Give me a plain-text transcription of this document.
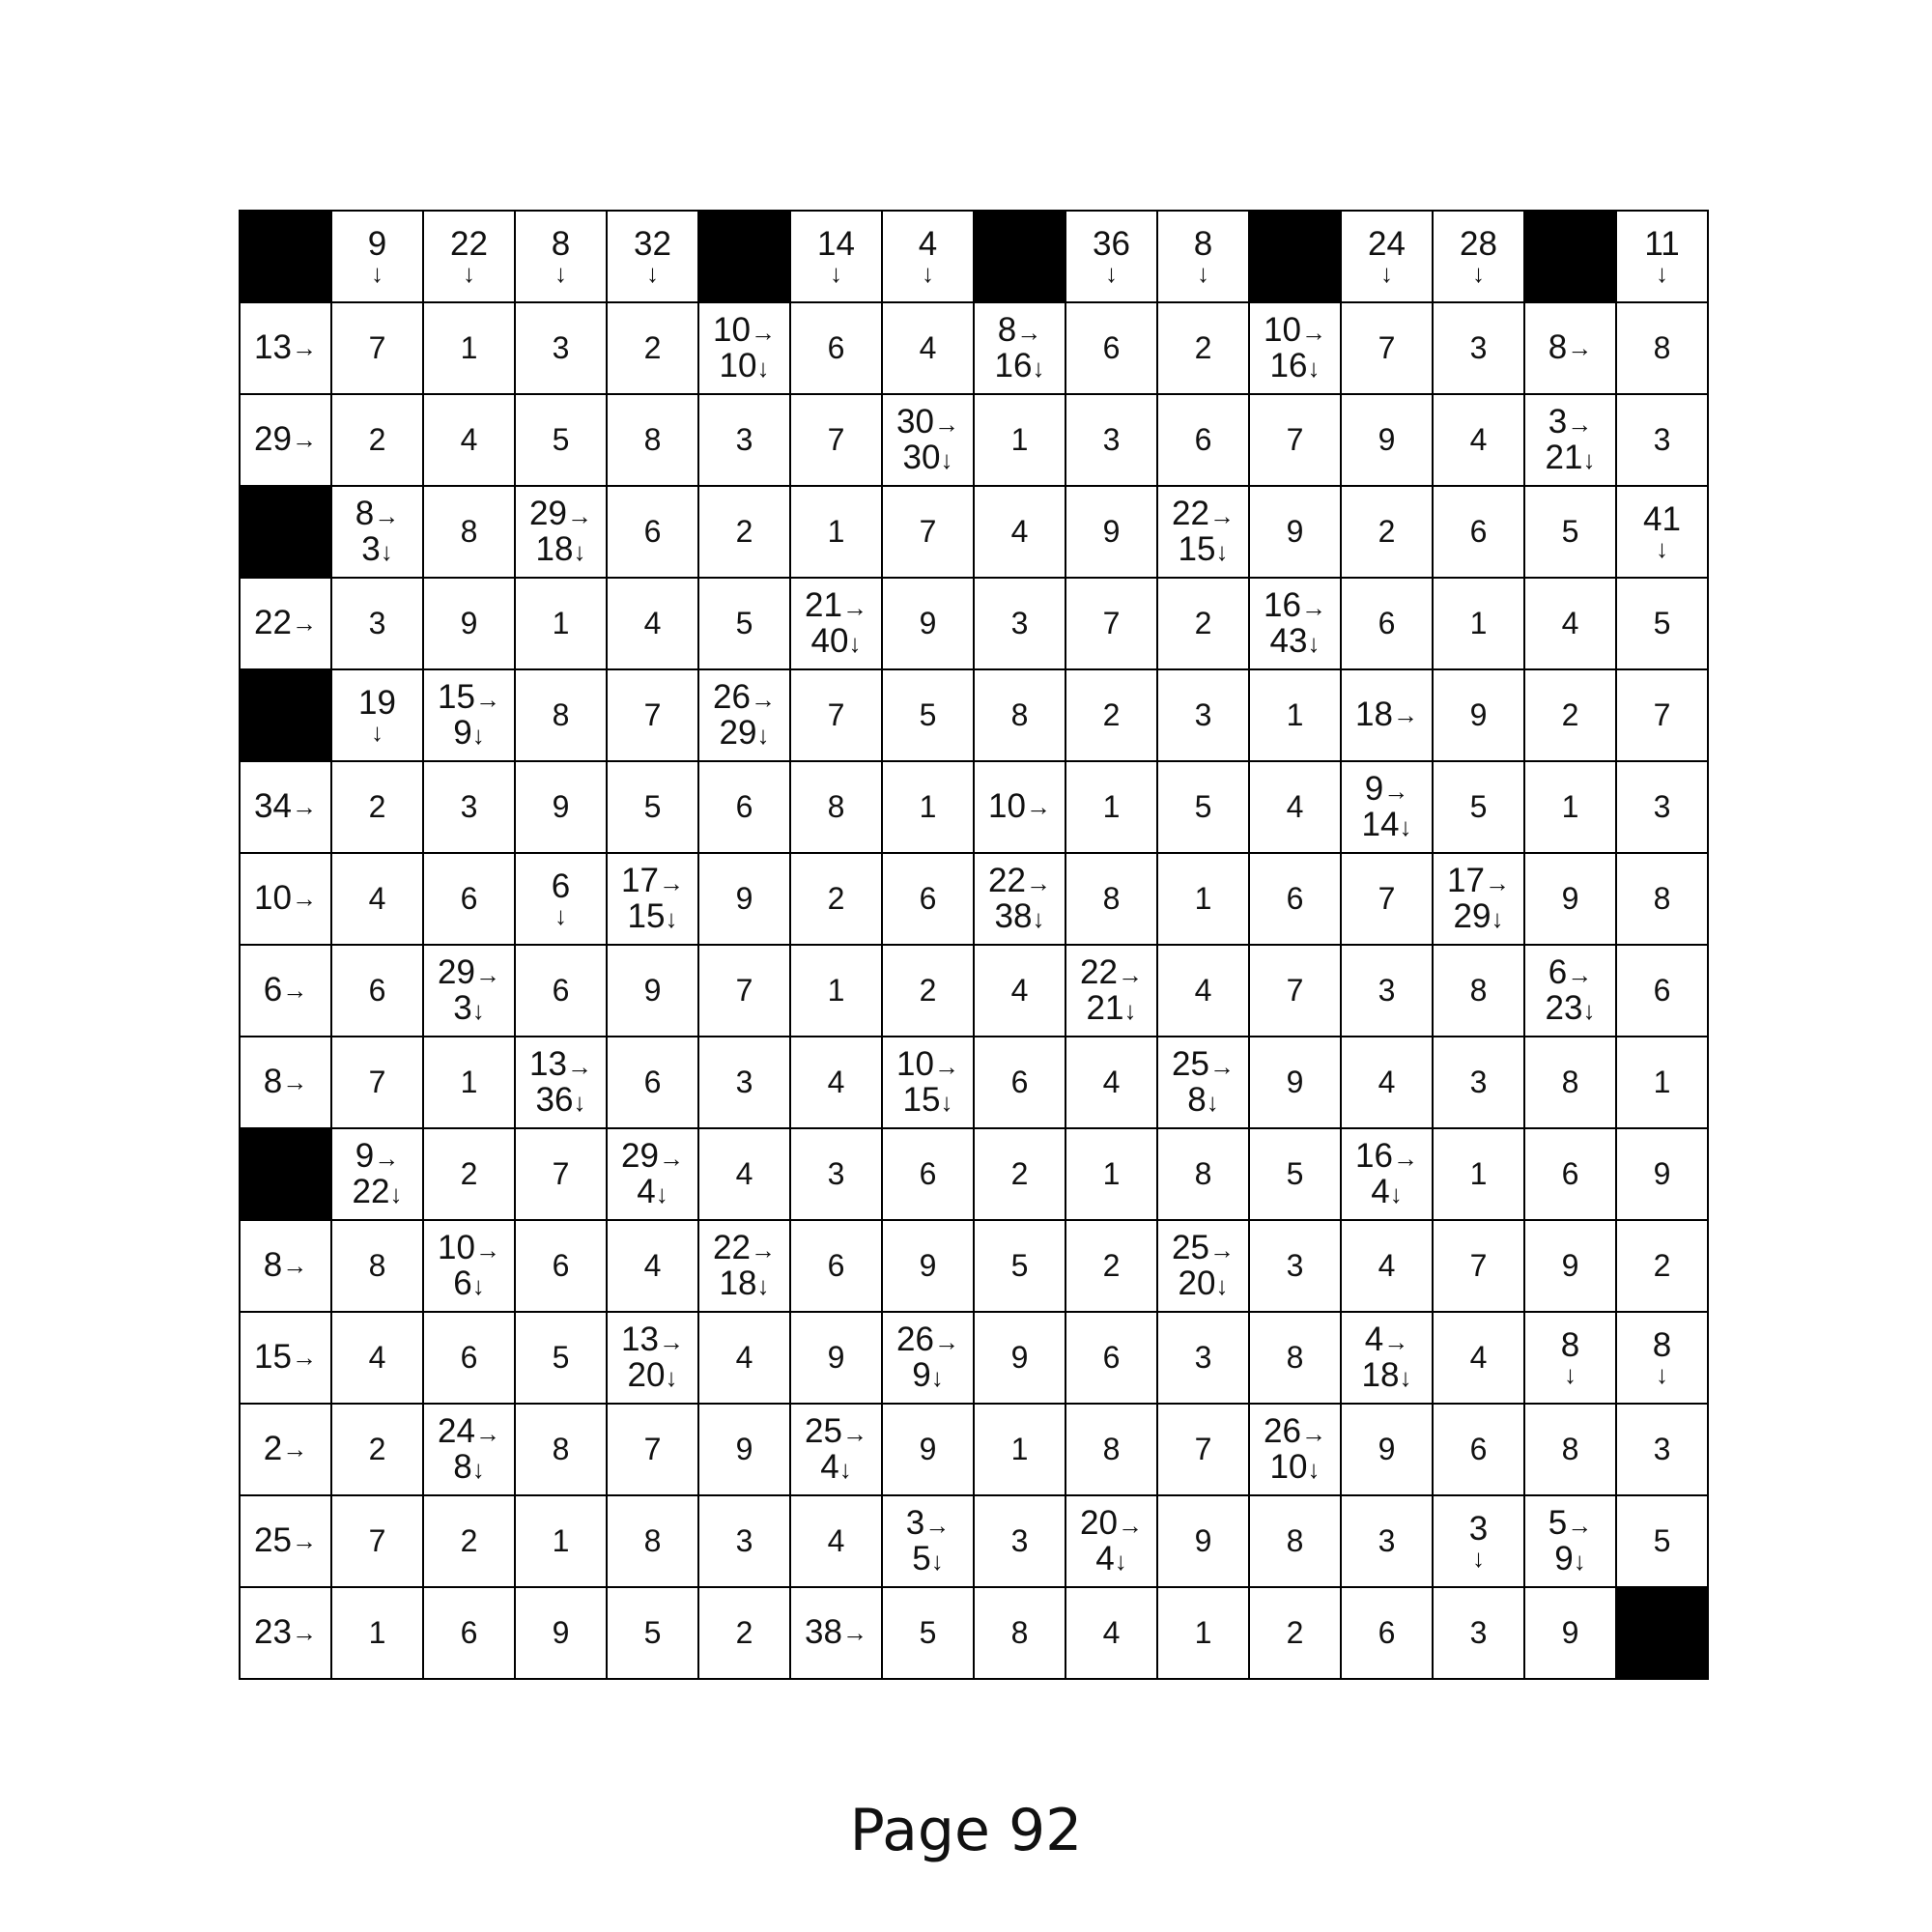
9
↓
22
↓
8
↓
32
↓
14
↓
4
↓
36
↓
8
↓
24
↓
28
↓
11
↓
13 → 7 1 3 2 10→
10↓
6 4 8→
16↓
6 2 10→
16↓
7 3 8 → 8
29 → 2 4 5 8 3 7 30→
30↓
1 3 6 7 9 4 3→
21↓
3
8→
3↓
8 29→
18↓
6 2 1 7 4 9 22→
15↓
9 2 6 5 41
↓
22 → 3 9 1 4 5 21→
40↓
9 3 7 2 16→
43↓
6 1 4 5
19
↓
15→
9↓
8 7 26→
29↓
7 5 8 2 3 1 18 → 9 2 7
34 → 2 3 9 5 6 8 1 10 → 1 5 4 9→
14↓
5 1 3
10 → 4 6 6
↓
17→
15↓
9 2 6 22→
38↓
8 1 6 7 17→
29↓
9 8
6 → 6 29→
3↓
6 9 7 1 2 4 22→
21↓
4 7 3 8 6→
23↓
6
8 → 7 1 13→
36↓
6 3 4 10→
15↓
6 4 25→
8↓
9 4 3 8 1
9→
22↓
2 7 29→
4↓
4 3 6 2 1 8 5 16→
4↓
1 6 9
8 → 8 10→
6↓
6 4 22→
18↓
6 9 5 2 25→
20↓
3 4 7 9 2
15 → 4 6 5 13→
20↓
4 9 26→
9↓
9 6 3 8 4→
18↓
4 8
↓
8
↓
2 → 2 24→
8↓
8 7 9 25→
4↓
9 1 8 7 26→
10↓
9 6 8 3
25 → 7 2 1 8 3 4 3→
5↓
3 20→
4↓
9 8 3 3
↓
5→
9↓
5
23 → 1 6 9 5 2 38 → 5 8 4 1 2 6 3 9
Page 92
